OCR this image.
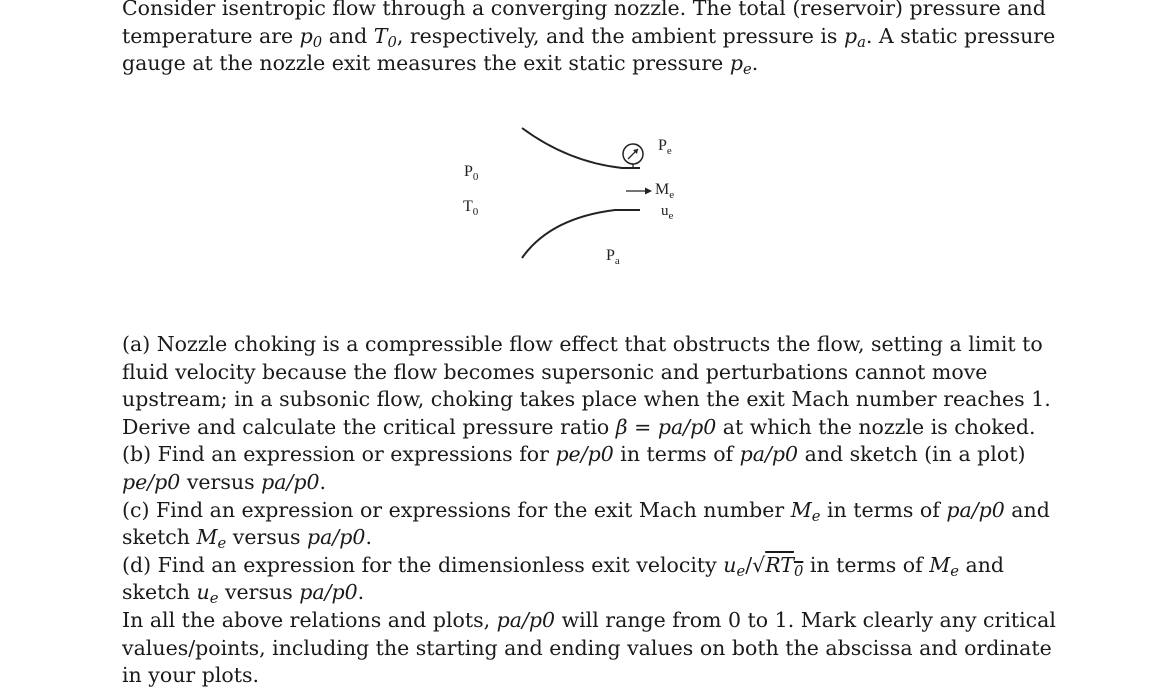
Consider isentropic flow through a converging nozzle. The total (reservoir) pressure and
temperature are $p_0$ and $T_0$, respectively, and the ambient pressure is $p_a$. A static pressure
gauge at the nozzle exit measures the exit static pressure $p_e$.
$P_0$
$T_0$
$P_e$
$M_e$
$u_e$
$P_a$
(a) Nozzle choking is a compressible flow effect that obstructs the flow, setting a limit to
fluid velocity because the flow becomes supersonic and perturbations cannot move
upstream; in a subsonic flow, choking takes place when the exit Mach number reaches 1.
Derive and calculate the critical pressure ratio β = pa/p0 at which the nozzle is choked.
(b) Find an expression or expressions for pe/p0 in terms of pa/p0 and sketch (in a plot)
pe/p0 versus pa/p0.
(c) Find an expression or expressions for the exit Mach number $M_e$ in terms of pa/p0 and
sketch $M_e$ versus pa/p0.
(d) Find an expression for the dimensionless exit velocity $u_e/√RT_0$ in terms of $M_e$ and
sketch $u_e$ versus pa/p0.
In all the above relations and plots, pa/p0 will range from 0 to 1. Mark clearly any critical
values/points, including the starting and ending values on both the abscissa and ordinate
in your plots.
